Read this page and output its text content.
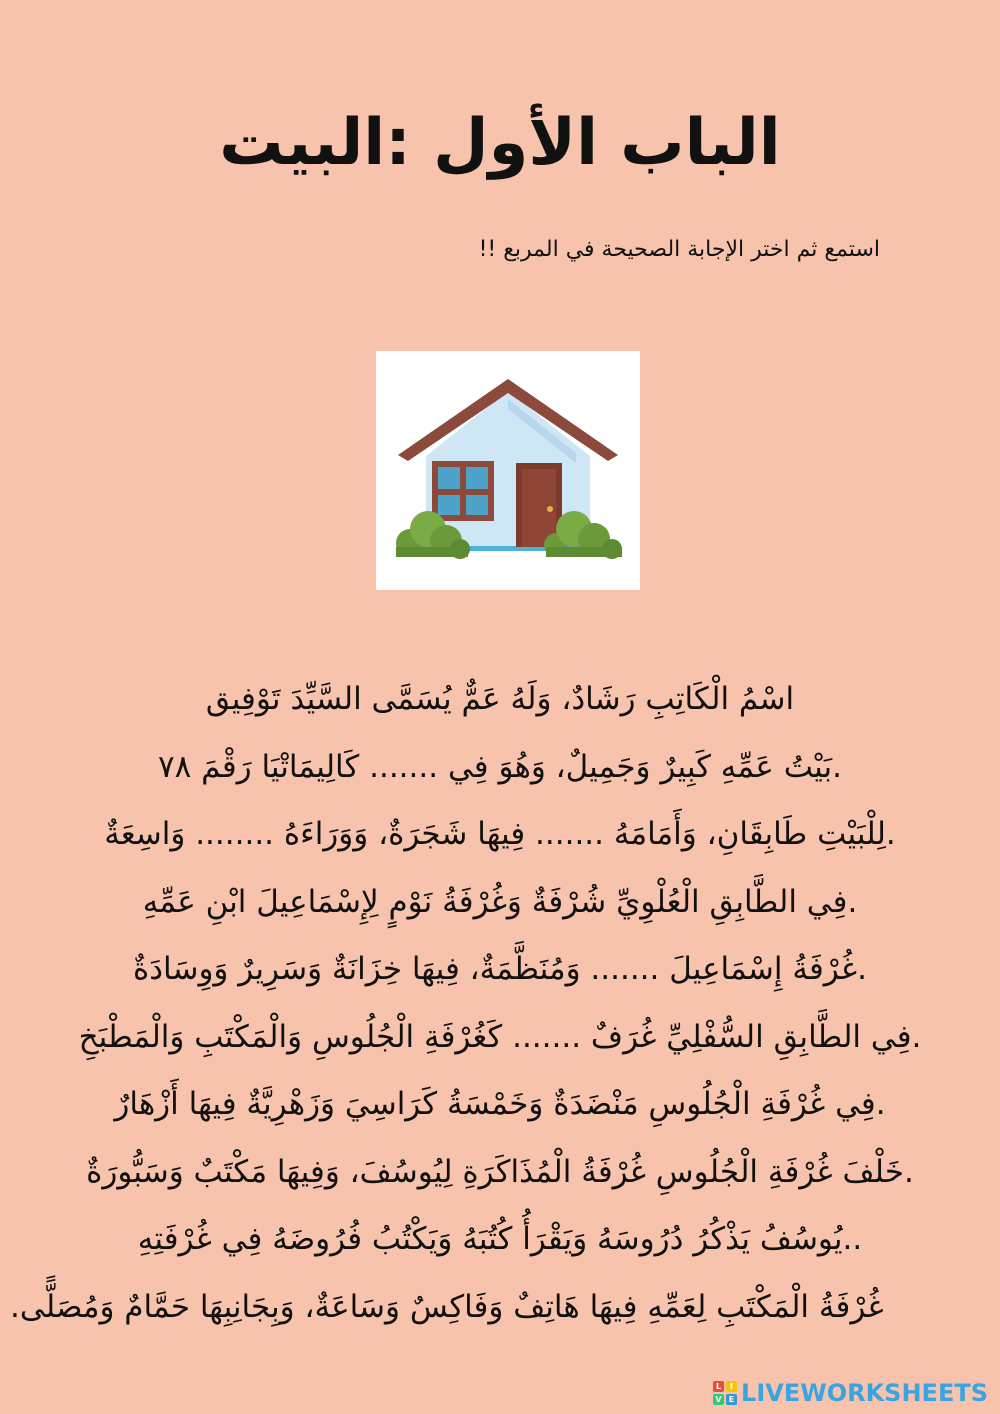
الباب الأول :البيت

استمع ثم اختر الإجابة الصحيحة في المربع !!

اسْمُ الْكَاتِبِ رَشَادٌ، وَلَهُ عَمٌّ يُسَمَّى السَّيِّدَ تَوْفِيق
.بَيْتُ عَمِّهِ كَبِيرٌ وَجَمِيلٌ، وَهُوَ فِي ....... كَالِيمَاتْيَا رَقْمَ ٧٨
.لِلْبَيْتِ طَابِقَانِ، وَأَمَامَهُ ....... فِيهَا شَجَرَةٌ، وَوَرَاءَهُ ........ وَاسِعَةٌ
.فِي الطَّابِقِ الْعُلْوِيِّ شُرْفَةٌ وَغُرْفَةُ نَوْمٍ لِإِسْمَاعِيلَ ابْنِ عَمِّهِ
.غُرْفَةُ إِسْمَاعِيلَ ....... وَمُنَظَّمَةٌ، فِيهَا خِزَانَةٌ وَسَرِيرٌ وَوِسَادَةٌ
.فِي الطَّابِقِ السُّفْلِيِّ غُرَفٌ ....... كَغُرْفَةِ الْجُلُوسِ وَالْمَكْتَبِ وَالْمَطْبَخِ
.فِي غُرْفَةِ الْجُلُوسِ مَنْضَدَةٌ وَخَمْسَةُ كَرَاسِيَ وَزَهْرِيَّةٌ فِيهَا أَزْهَارٌ
.خَلْفَ غُرْفَةِ الْجُلُوسِ غُرْفَةُ الْمُذَاكَرَةِ لِيُوسُفَ، وَفِيهَا مَكْتَبٌ وَسَبُّورَةٌ
..يُوسُفُ يَذْكُرُ دُرُوسَهُ وَيَقْرَأُ كُتُبَهُ وَيَكْتُبُ فُرُوضَهُ فِي غُرْفَتِهِ
غُرْفَةُ الْمَكْتَبِ لِعَمِّهِ فِيهَا هَاتِفٌ وَفَاكِسٌ وَسَاعَةٌ، وَبِجَانِبِهَا حَمَّامٌ وَمُصَلًّى.
L	I
V E LIVEWORKSHEETS
